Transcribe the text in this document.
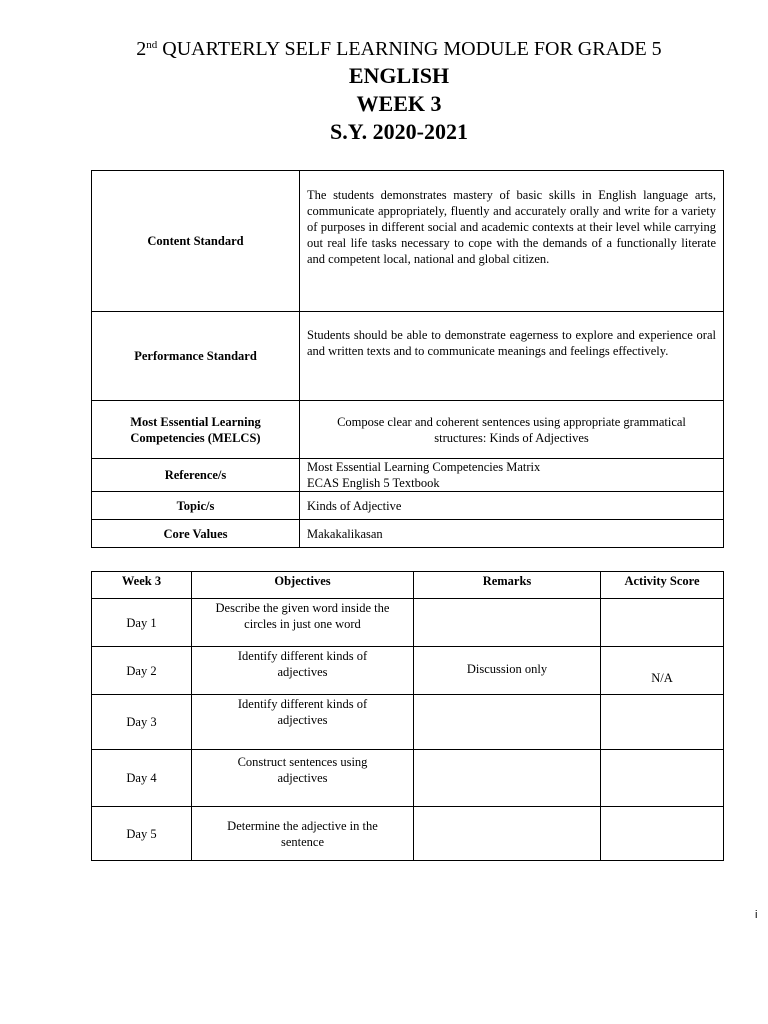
2nd QUARTERLY SELF LEARNING MODULE FOR GRADE 5
ENGLISH
WEEK 3
S.Y. 2020-2021
Content Standard	The students demonstrates mastery of basic skills in English language arts, communicate appropriately, fluently and accurately orally and write for a variety of purposes in different social and academic contexts at their level while carrying out real life tasks necessary to cope with the demands of a functionally literate and competent local, national and global citizen.
Performance Standard	Students should be able to demonstrate eagerness to explore and experience oral and written texts and to communicate meanings and feelings effectively.
Most Essential Learning Competencies (MELCS)	Compose clear and coherent sentences using appropriate grammatical structures: Kinds of Adjectives
Reference/s	Most Essential Learning Competencies Matrix
ECAS English 5 Textbook

Topic/s	Kinds of Adjective
Core Values	Makakalikasan
Week 3	Objectives	Remarks	Activity Score
Day 1	Describe the given word inside the circles in just one word		

Day 2	Identify different kinds of adjectives	Discussion only	N/A

Day 3	Identify different kinds of adjectives		

Day 4	Construct sentences using adjectives		

Day 5	Determine the adjective in the sentence		

i
